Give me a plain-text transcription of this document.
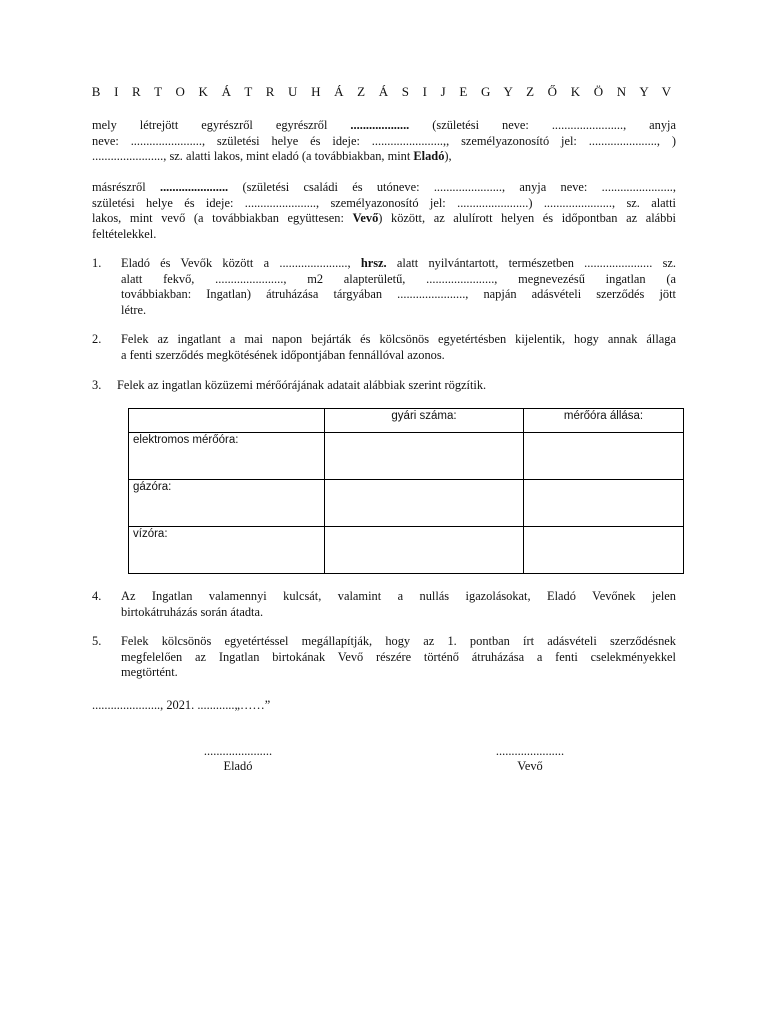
B I R T O K Á T R U H Á Z Á S I J E G Y Z Ő K Ö N Y V
mely létrejött egyrészről egyrészről ................... (születési neve: ......................., anyja
neve: ......................., születési helye és ideje: .......................,, személyazonosító jel: ......................, )
......................., sz. alatti lakos, mint eladó (a továbbiakban, mint Eladó),
másrészről ...................... (születési családi és utóneve: ......................, anyja neve: .......................,
születési helye és ideje: ......................., személyazonosító jel: .......................) ......................, sz. alatti
lakos, mint vevő (a továbbiakban együttesen: Vevő) között, az alulírott helyen és időpontban az alábbi
feltételekkel.
1. Eladó és Vevők között a ......................, hrsz. alatt nyilvántartott, természetben ...................... sz.
alatt fekvő, ......................, m2 alapterületű, ......................, megnevezésű ingatlan (a
továbbiakban: Ingatlan) átruházása tárgyában ......................, napján adásvételi szerződés jött
létre.
2. Felek az ingatlant a mai napon bejárták és kölcsönös egyetértésben kijelentik, hogy annak állaga
a fenti szerződés megkötésének időpontjában fennállóval azonos.
3. Felek az ingatlan közüzemi mérőórájának adatait alábbiak szerint rögzítik.
	gyári száma:	mérőóra állása:
elektromos mérőóra:		
gázóra:		
vízóra:		
4. Az Ingatlan valamennyi kulcsát, valamint a nullás igazolásokat, Eladó Vevőnek jelen
birtokátruházás során átadta.
5. Felek kölcsönös egyetértéssel megállapítják, hogy az 1. pontban írt adásvételi szerződésnek
megfelelően az Ingatlan birtokának Vevő részére történő átruházása a fenti cselekményekkel
megtörtént.
......................, 2021. ............„……”
......................
Eladó
......................
Vevő
